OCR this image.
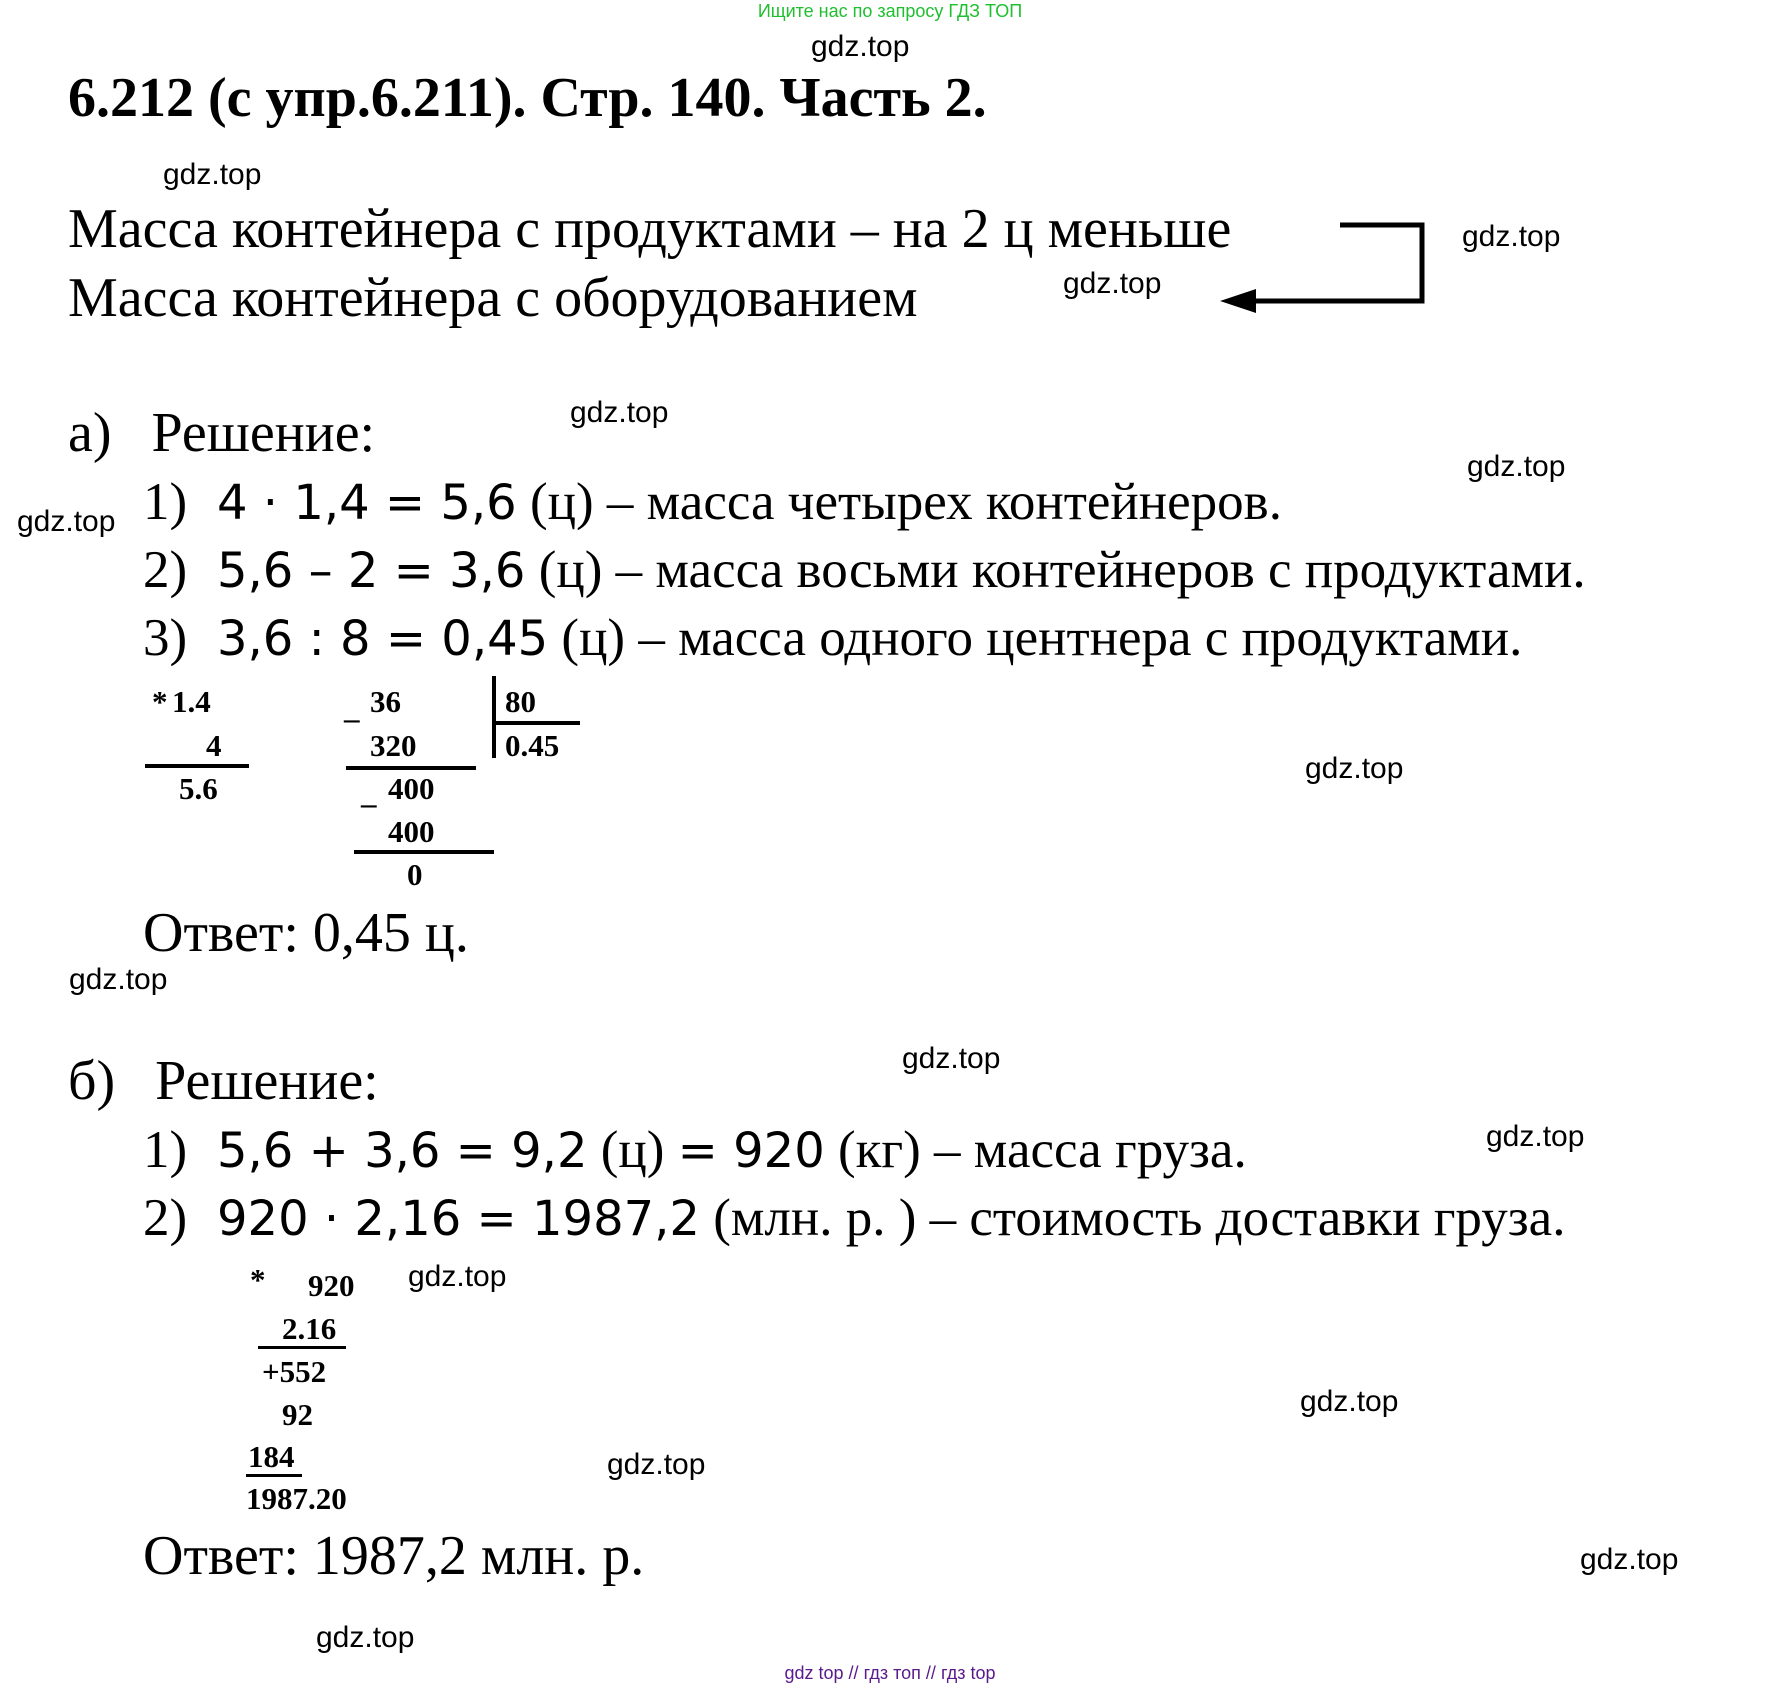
Ищите нас по запросу ГДЗ ТОП
gdz.top
gdz.top
gdz.top
gdz.top
gdz.top
gdz.top
gdz.top
gdz.top
gdz.top
gdz.top
gdz.top
gdz.top
gdz.top
gdz.top
gdz.top
gdz.top
6.212 (с упр.6.211). Стр. 140. Часть 2.
Масса контейнера с продуктами – на 2 ц меньше
Масса контейнера с оборудованием
а) Решение:
1) 4 · 1,4 = 5,6 (ц) – масса четырех контейнеров.
2) 5,6 – 2 = 3,6 (ц) – масса восьми контейнеров с продуктами.
3) 3,6 : 8 = 0,45 (ц) – масса одного центнера с продуктами.
* 1.4
4
5.6
_ 36
320
_ 400
400
0
80
0.45
Ответ: 0,45 ц.
б) Решение:
1) 5,6 + 3,6 = 9,2 (ц) = 920 (кг) – масса груза.
2) 920 · 2,16 = 1987,2 (млн. р. ) – стоимость доставки груза.
* 920
2.16
+552
92
184
1987.20
Ответ: 1987,2 млн. р.
gdz top // гдз топ // гдз top
